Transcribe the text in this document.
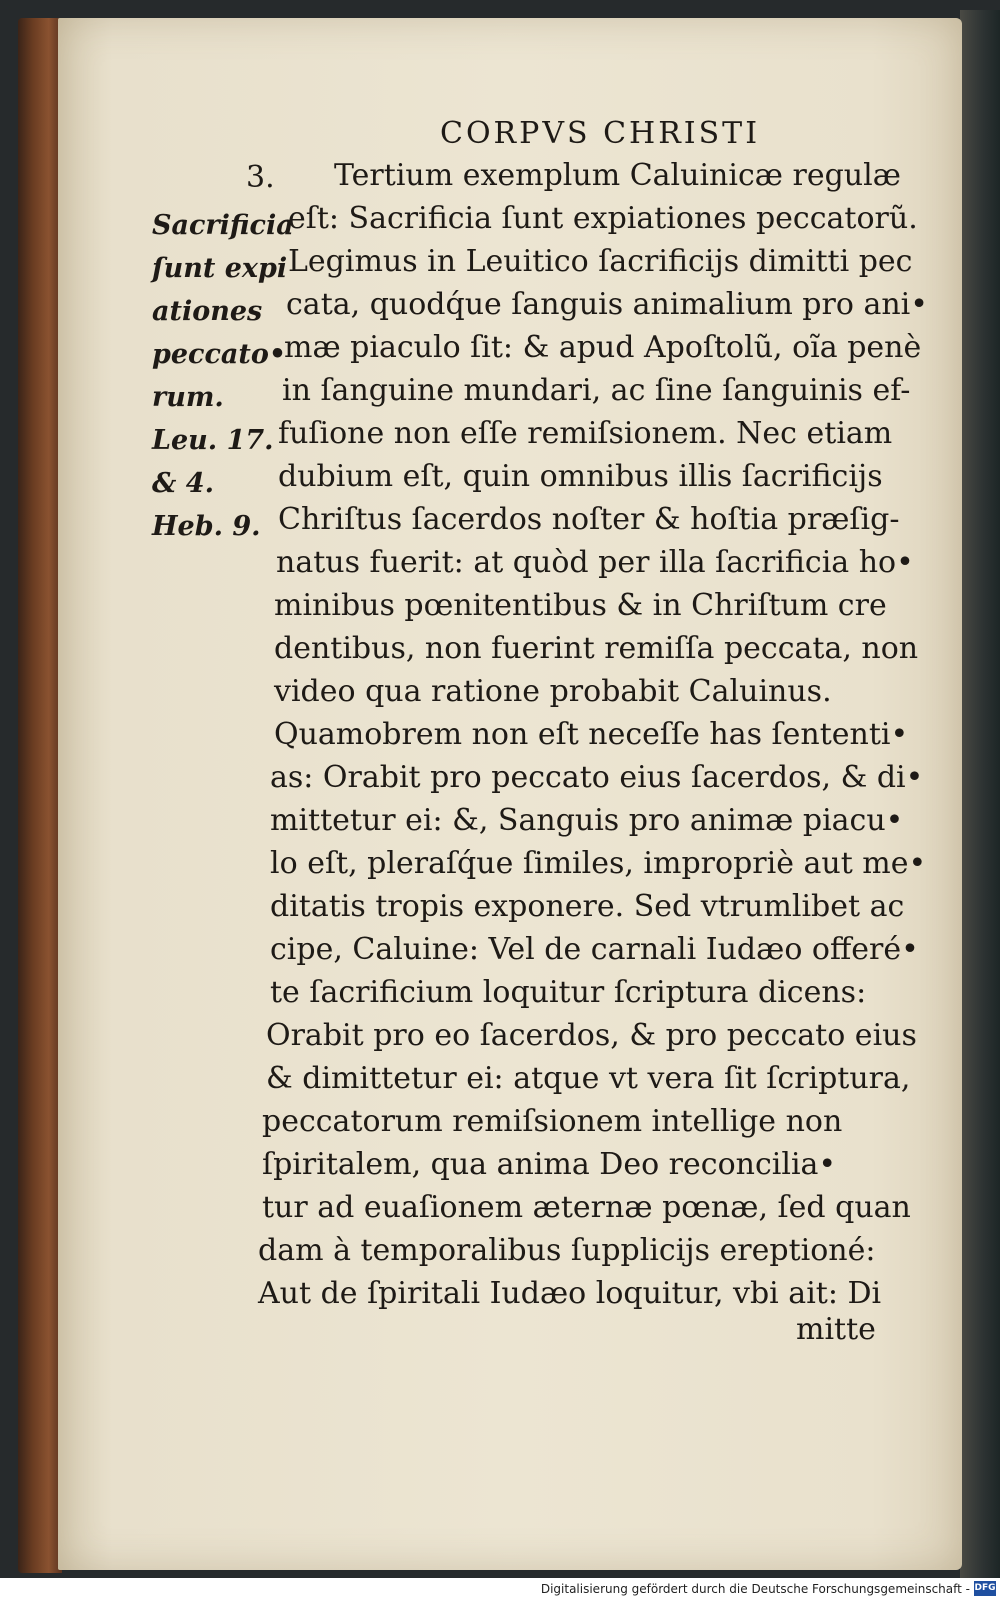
CORPVS CHRISTI
3.
Sacrificia
ſunt expi
ationes
peccato•
rum.
Leu. 17.
& 4.
Heb. 9.
Tertium exemplum Caluinicæ regulæ
eſt: Sacrificia ſunt expiationes peccatorũ.
Legimus in Leuitico ſacrificijs dimitti pec
cata, quodq́ue ſanguis animalium pro ani•
mæ piaculo ſit: & apud Apoſtolũ, oĩa penè
in ſanguine mundari, ac ſine ſanguinis ef-
fuſione non eſſe remiſsionem. Nec etiam
dubium eſt, quin omnibus illis ſacrificijs
Chriſtus ſacerdos noſter & hoſtia præſig-
natus fuerit: at quòd per illa ſacrificia ho•
minibus pœnitentibus & in Chriſtum cre
dentibus, non fuerint remiſſa peccata, non
video qua ratione probabit Caluinus.
Quamobrem non eſt neceſſe has ſententi•
as: Orabit pro peccato eius ſacerdos, & di•
mittetur ei: &, Sanguis pro animæ piacu•
lo eſt, pleraſq́ue ſimiles, impropriè aut me•
ditatis tropis exponere. Sed vtrumlibet ac
cipe, Caluine: Vel de carnali Iudæo offeré•
te ſacrificium loquitur ſcriptura dicens:
Orabit pro eo ſacerdos, & pro peccato eius
& dimittetur ei: atque vt vera ſit ſcriptura,
peccatorum remiſsionem intellige non
ſpiritalem, qua anima Deo reconcilia•
tur ad euaſionem æternæ pœnæ, ſed quan
dam à temporalibus ſupplicijs ereptioné:
Aut de ſpiritali Iudæo loquitur, vbi ait: Di
mitte
Digitalisierung gefördert durch die Deutsche Forschungsgemeinschaft - DFG
